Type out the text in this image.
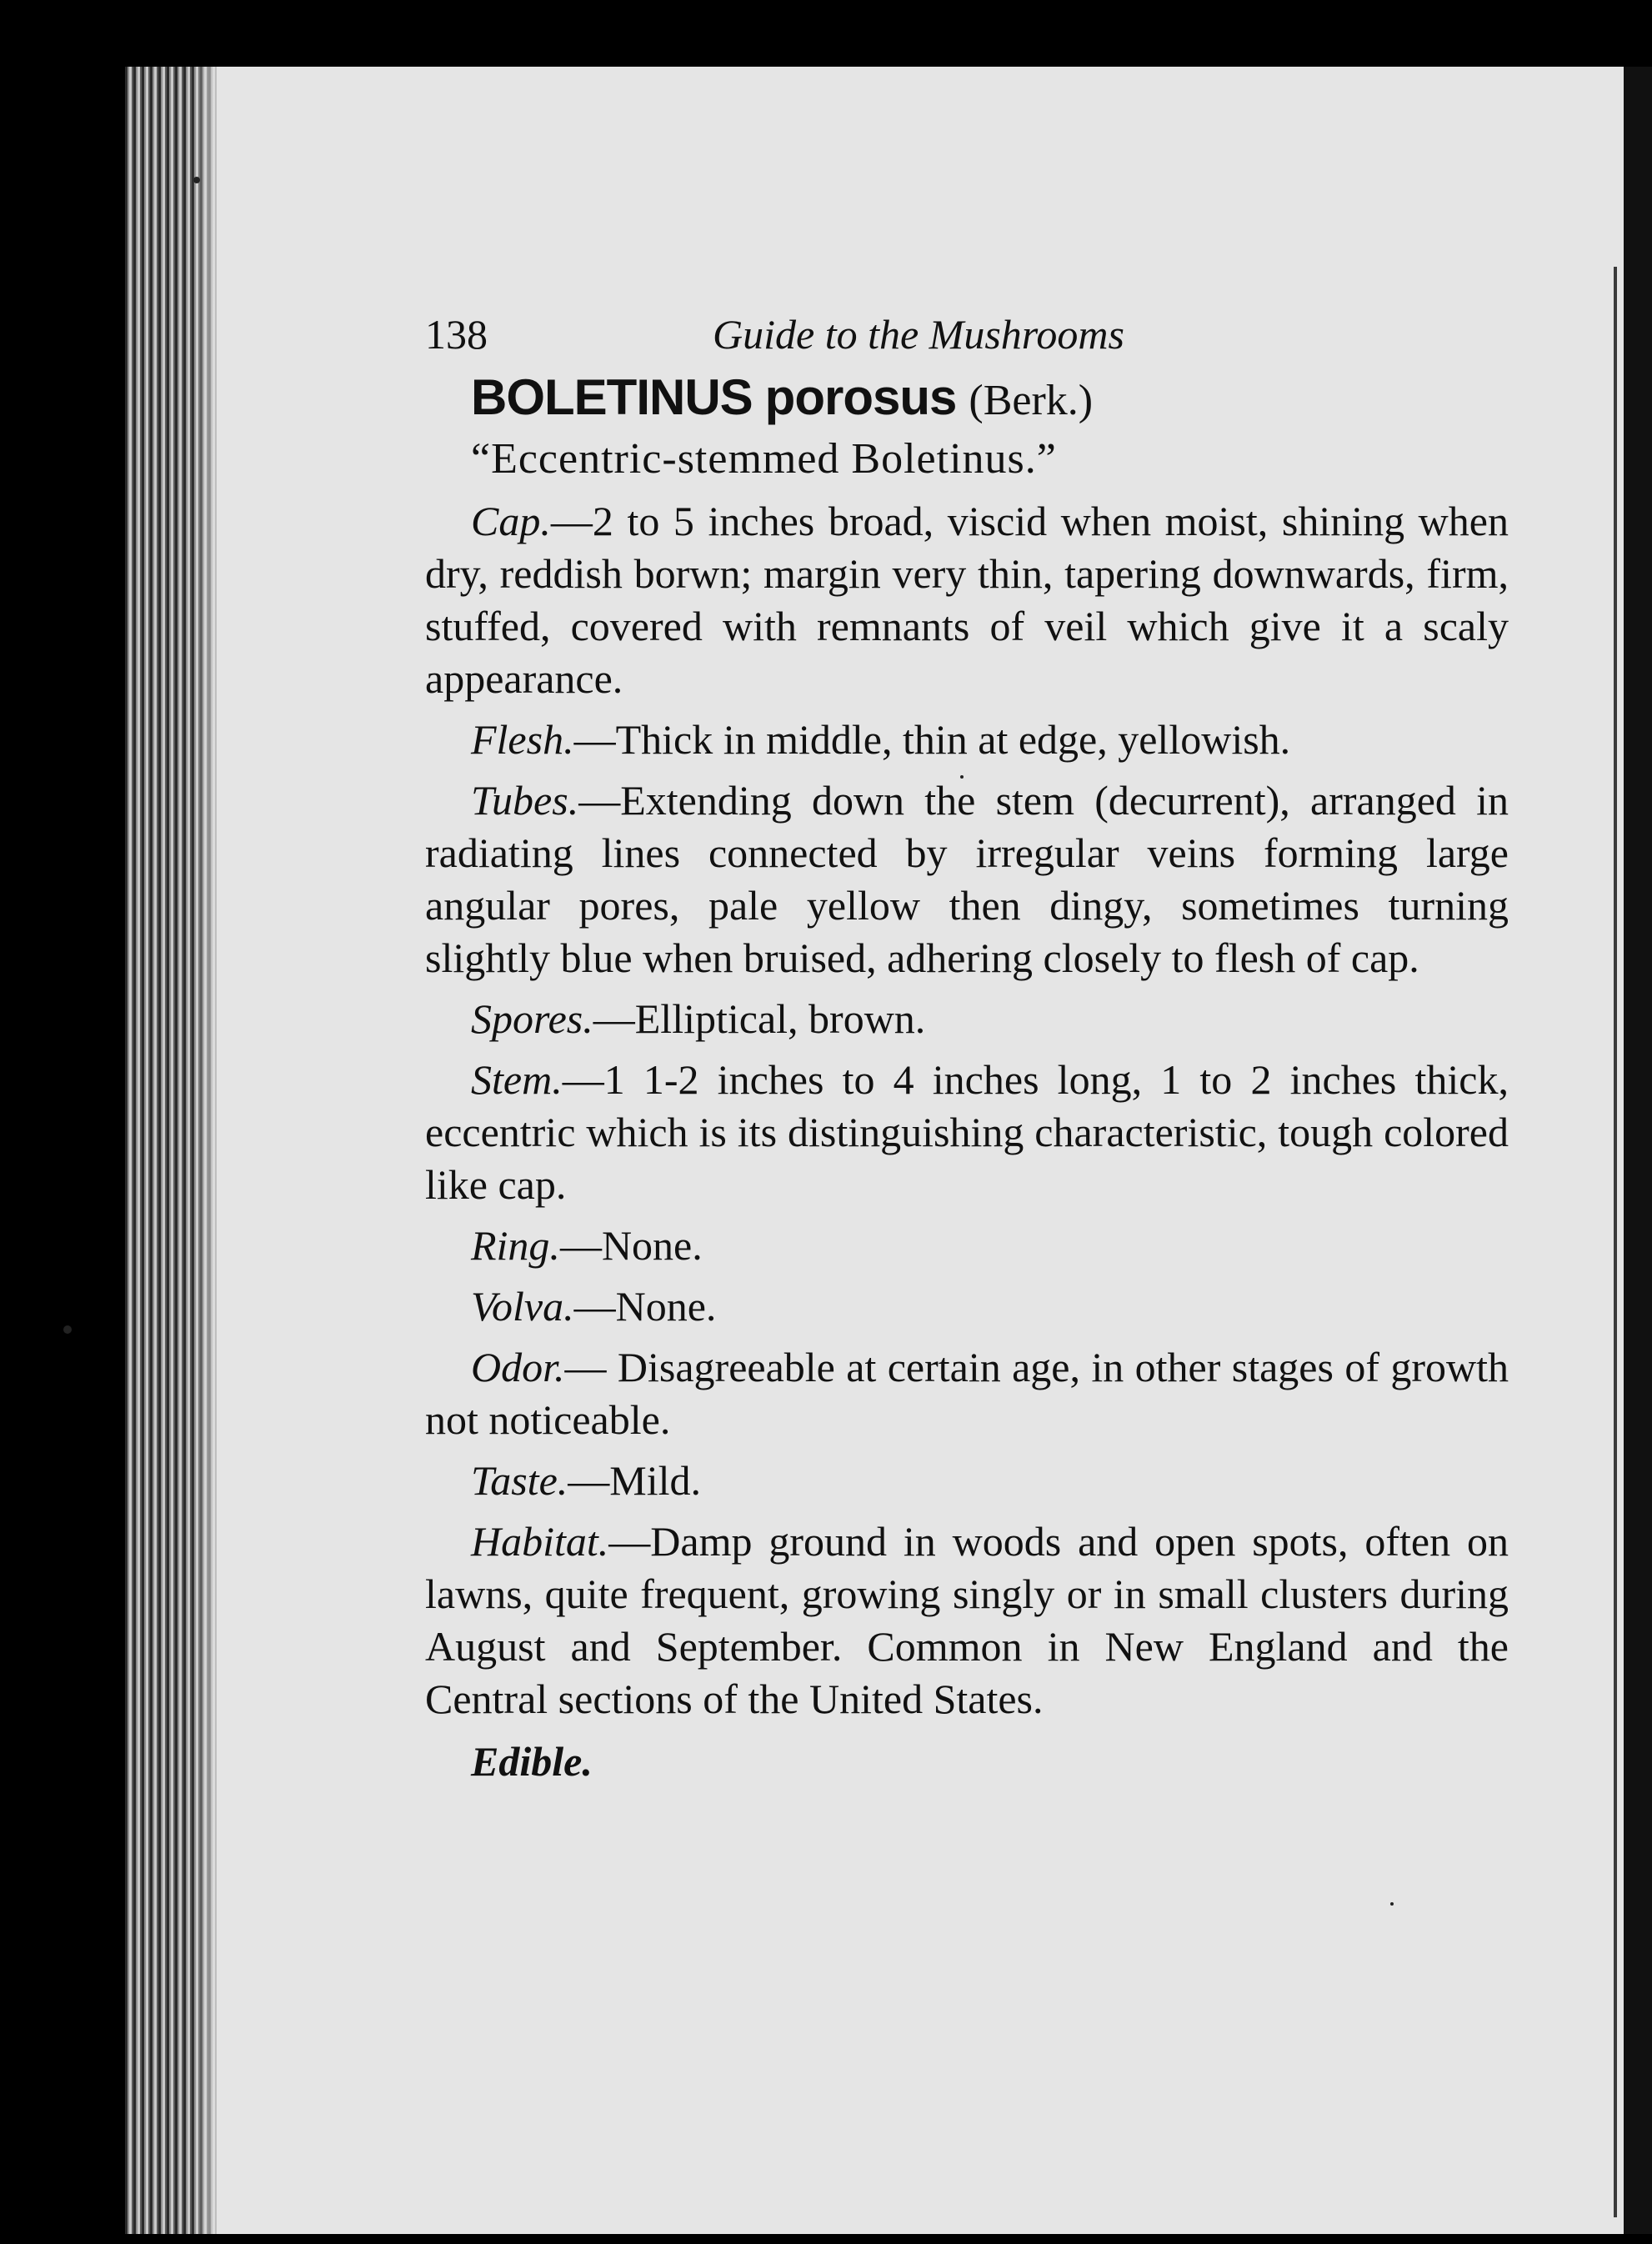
138	Guide to the Mushrooms

BOLETINUS porosus (Berk.)

“Eccentric-stemmed Boletinus.”

Cap.—2 to 5 inches broad, viscid when moist, shining when dry, reddish borwn; margin very thin, tapering downwards, firm, stuffed, covered with remnants of veil which give it a scaly appearance.

Flesh.—Thick in middle, thin at edge, yellowish.

Tubes.—Extending down the stem (decurrent), arranged in radiating lines connected by irregular veins forming large angular pores, pale yellow then dingy, sometimes turning slightly blue when bruised, adhering closely to flesh of cap.

Spores.—Elliptical, brown.

Stem.—1 1-2 inches to 4 inches long, 1 to 2 inches thick, eccentric which is its distinguishing characteristic, tough colored like cap.

Ring.—None.

Volva.—None.

Odor.— Disagreeable at certain age, in other stages of growth not noticeable.

Taste.—Mild.

Habitat.—Damp ground in woods and open spots, often on lawns, quite frequent, growing singly or in small clusters during August and September. Common in New England and the Central sections of the United States.

Edible.
